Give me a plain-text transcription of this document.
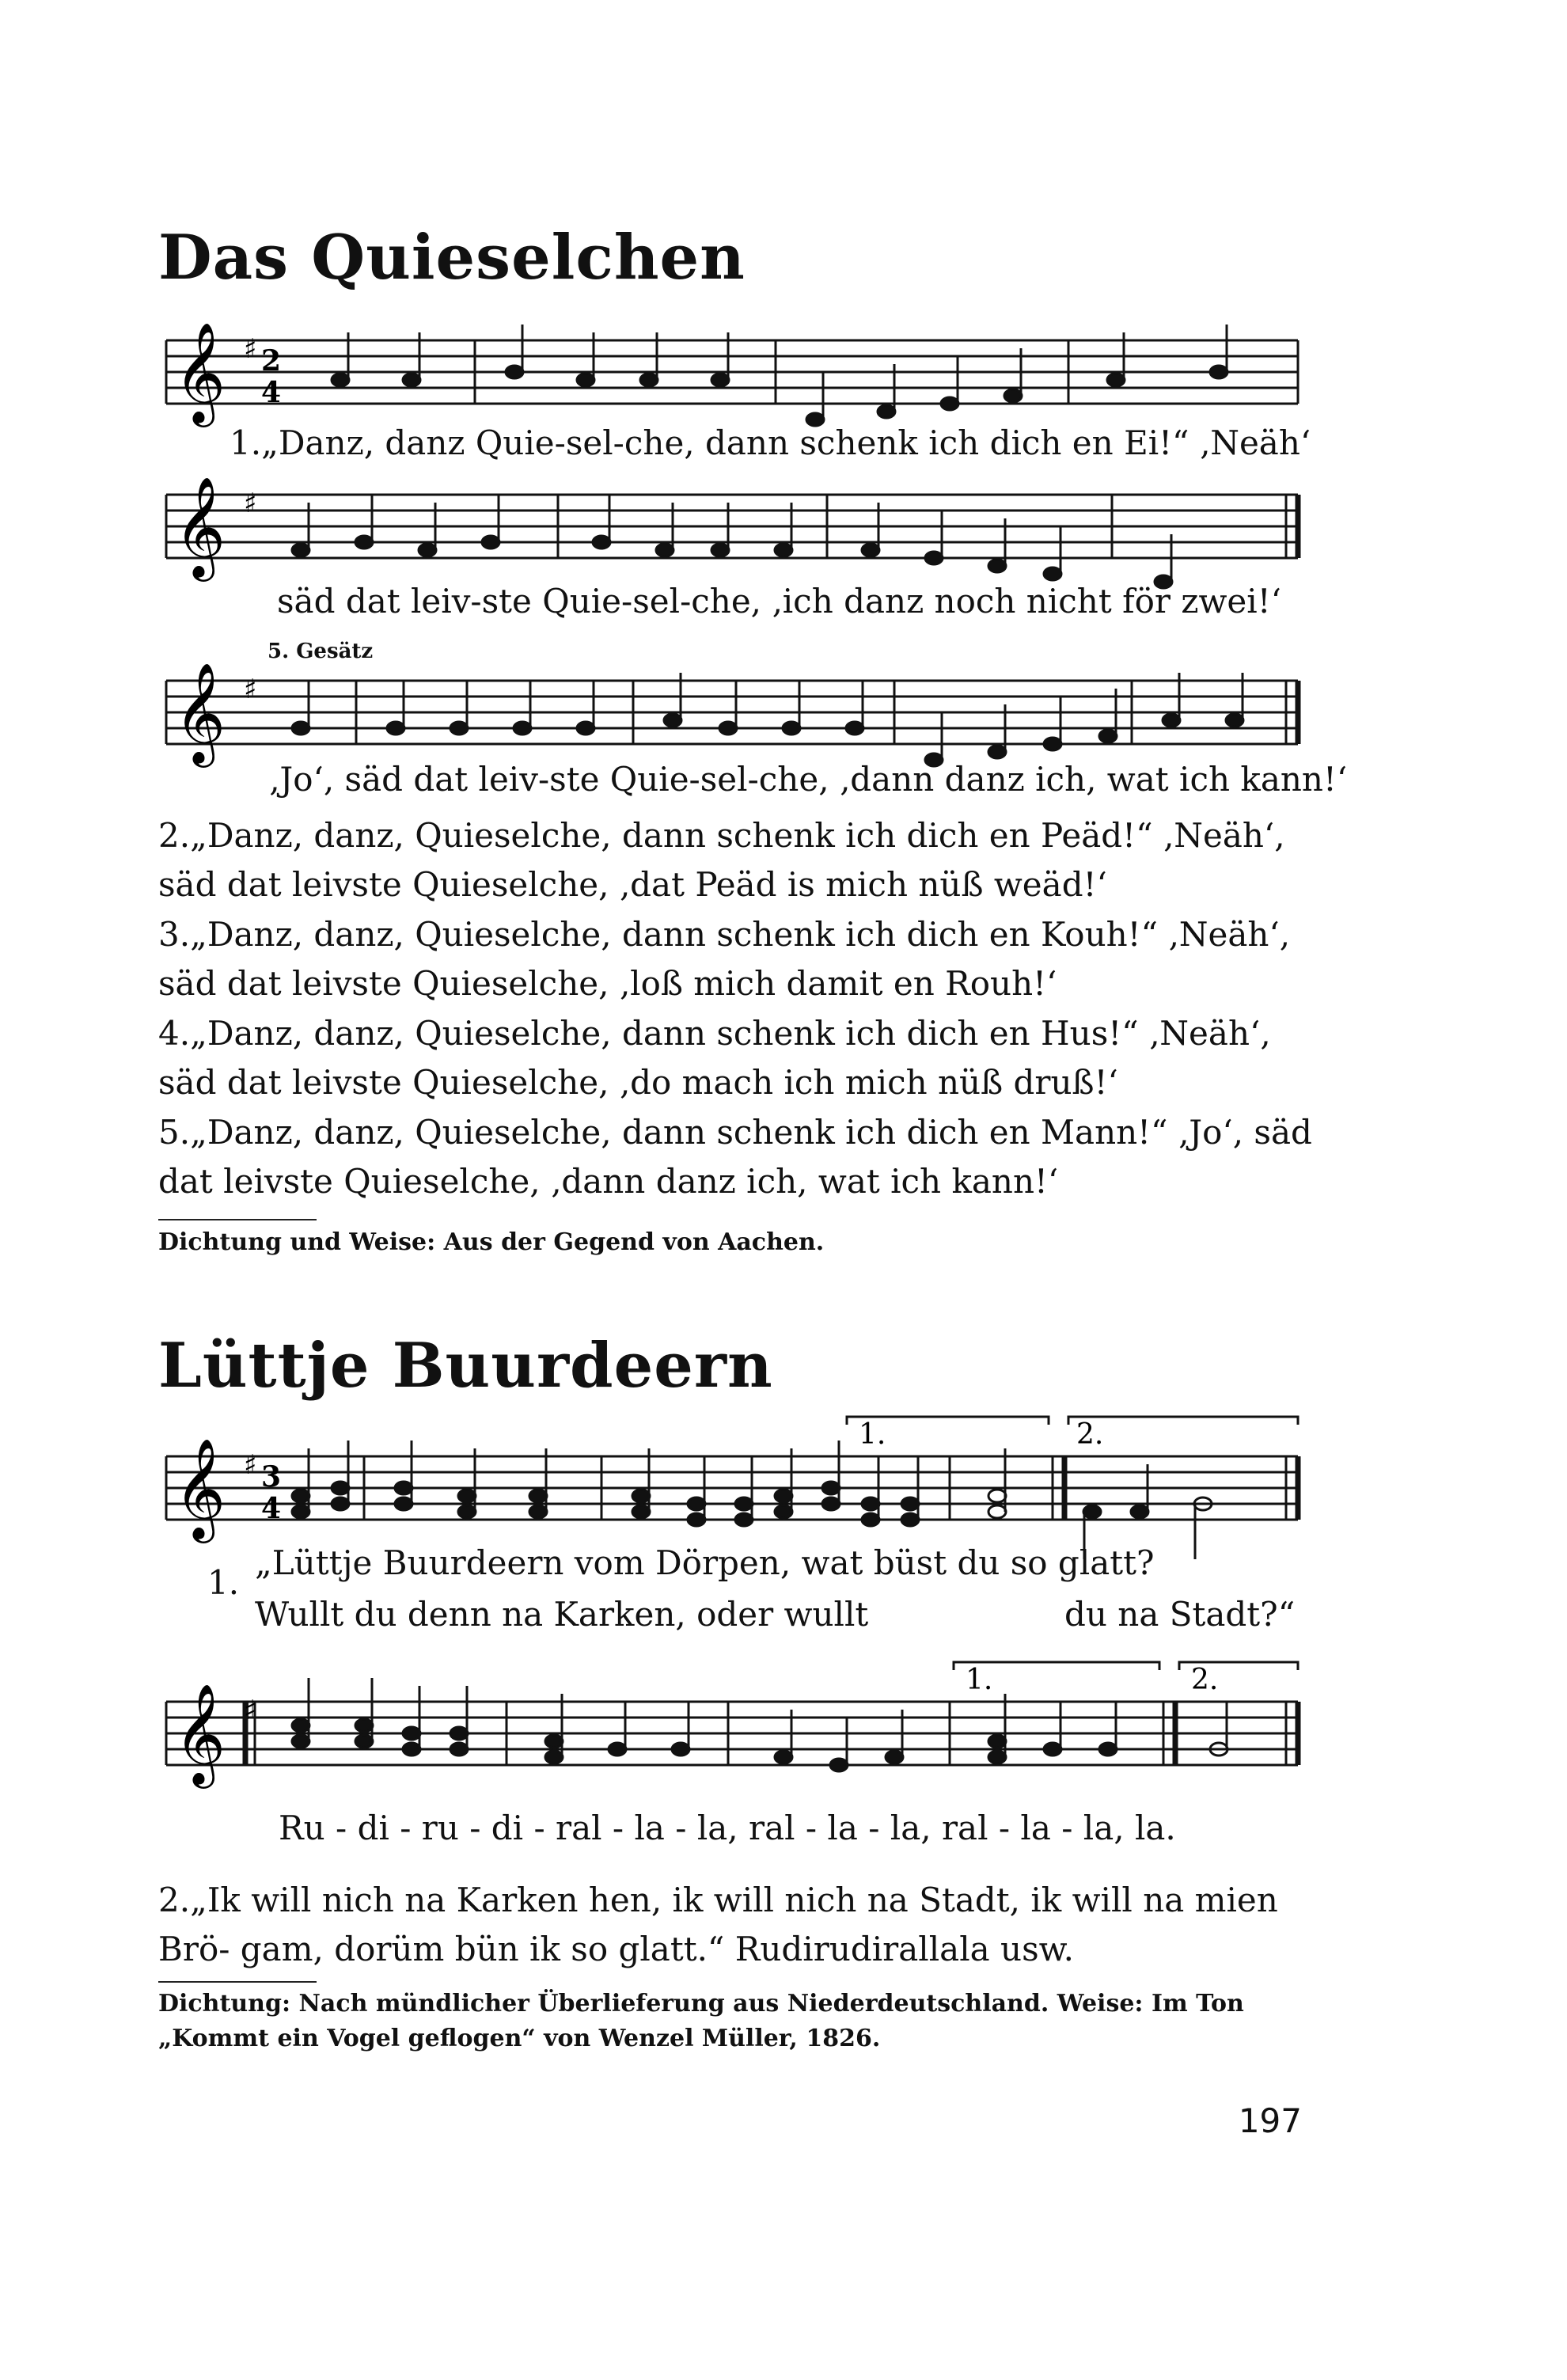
Das Quieselchen
𝄞 ♯ 2
4
1.„Danz, danz Quie-sel-che, dann schenk ich dich en Ei!“ ‚Neäh‘
𝄞 ♯
säd dat leiv-ste Quie-sel-che, ‚ich danz noch nicht för zwei!‘
5. Gesätz
𝄞 ♯
‚Jo‘, säd dat leiv-ste Quie-sel-che, ‚dann danz ich, wat ich kann!‘
2.„Danz, danz, Quieselche, dann schenk ich dich en Peäd!“ ‚Neäh‘, säd dat leivste Quieselche, ‚dat Peäd is mich nüß weäd!‘
3.„Danz, danz, Quieselche, dann schenk ich dich en Kouh!“ ‚Neäh‘, säd dat leivste Quieselche, ‚loß mich damit en Rouh!‘
4.„Danz, danz, Quieselche, dann schenk ich dich en Hus!“ ‚Neäh‘, säd dat leivste Quieselche, ‚do mach ich mich nüß druß!‘
5.„Danz, danz, Quieselche, dann schenk ich dich en Mann!“ ‚Jo‘, säd dat leivste Quieselche, ‚dann danz ich, wat ich kann!‘
Dichtung und Weise: Aus der Gegend von Aachen.
Lüttje Buurdeern
1.	2.
𝄞 ♯ 3
4
1.
„Lüttje Buurdeern vom Dörpen, wat büst du so glatt?
Wullt du denn na Karken, oder wullt	du na Stadt?“
1.	2.
𝄞 ♯
Ru - di - ru - di - ral - la - la, ral - la - la, ral - la - la, la.
2.„Ik will nich na Karken hen, ik will nich na Stadt, ik will na mien Brö- gam, dorüm bün ik so glatt.“ Rudirudirallala usw.
Dichtung: Nach mündlicher Überlieferung aus Niederdeutschland. Weise: Im Ton „Kommt ein Vogel geflogen“ von Wenzel Müller, 1826.
197
